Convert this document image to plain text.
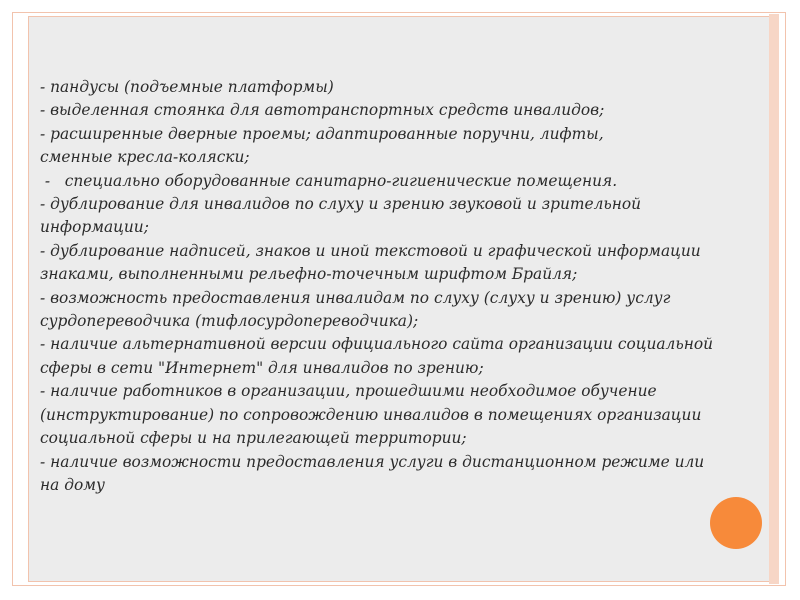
- пандусы (подъемные платформы)
- выделенная стоянка для автотранспортных средств инвалидов;
- расширенные дверные проемы; адаптированные поручни, лифты,
сменные кресла-коляски;
-   специально оборудованные санитарно-гигиенические помещения.
- дублирование для инвалидов по слуху и зрению звуковой и зрительной
информации;
- дублирование надписей, знаков и иной текстовой и графической информации
знаками, выполненными рельефно-точечным шрифтом Брайля;
- возможность предоставления инвалидам по слуху (слуху и зрению) услуг
сурдопереводчика (тифлосурдопереводчика);
- наличие альтернативной версии официального сайта организации социальной
сферы в сети "Интернет" для инвалидов по зрению;
- наличие работников в организации, прошедшими необходимое обучение
(инструктирование) по сопровождению инвалидов в помещениях организации
социальной сферы и на прилегающей территории;
- наличие возможности предоставления услуги в дистанционном режиме или
на дому
